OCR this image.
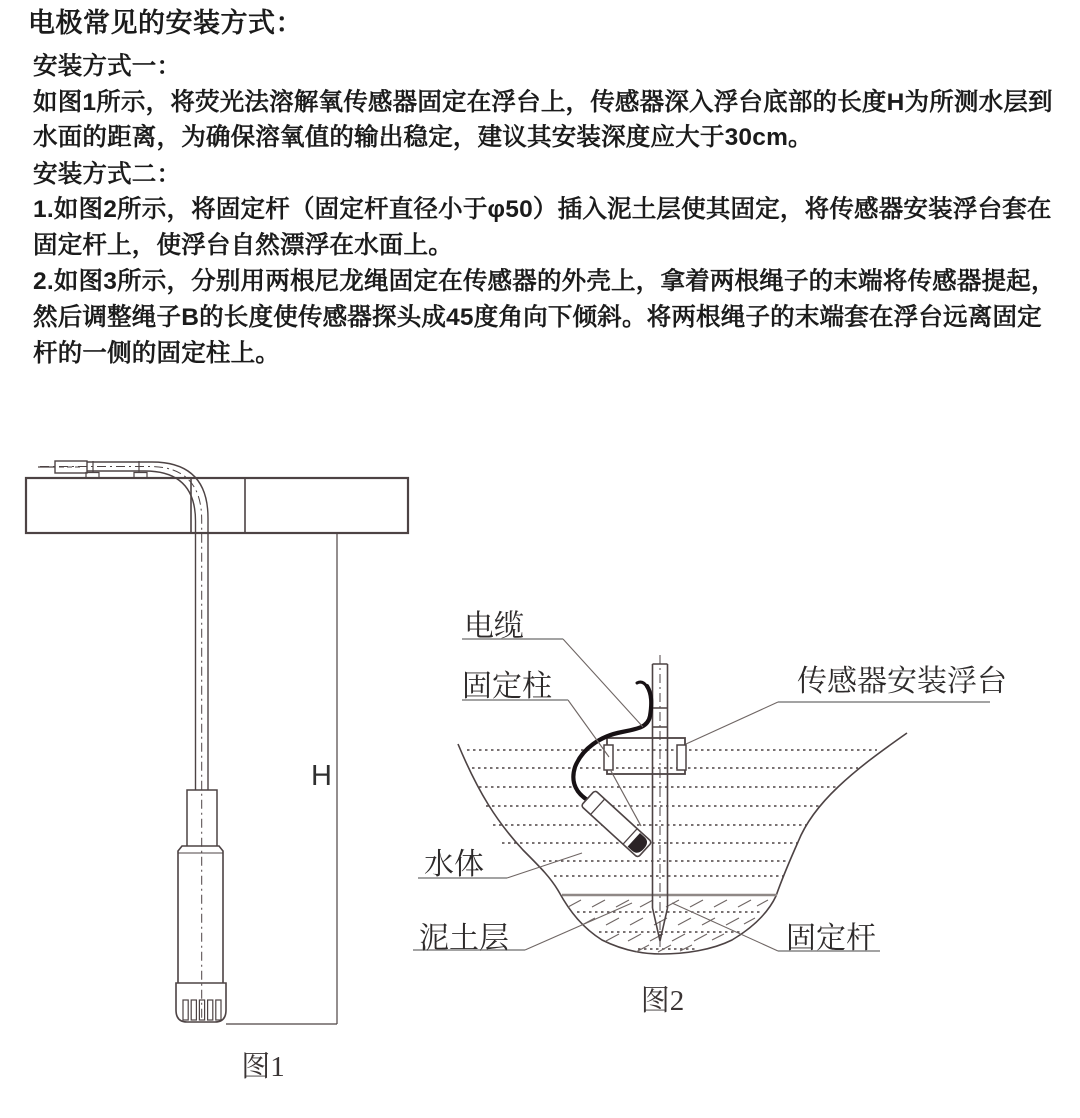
电极常见的安装方式：
安装方式一：
如图1所示，将荧光法溶解氧传感器固定在浮台上，传感器深入浮台底部的长度H为所测水层到
水面的距离，为确保溶氧值的输出稳定，建议其安装深度应大于30cm。
安装方式二：
1.如图2所示，将固定杆（固定杆直径小于φ50）插入泥土层使其固定，将传感器安装浮台套在
固定杆上，使浮台自然漂浮在水面上。
2.如图3所示，分别用两根尼龙绳固定在传感器的外壳上，拿着两根绳子的末端将传感器提起，
然后调整绳子B的长度使传感器探头成45度角向下倾斜。将两根绳子的末端套在浮台远离固定
杆的一侧的固定柱上。
H
图1
电缆
固定柱	传感器安装浮台
水体
泥土层	固定杆
图2
